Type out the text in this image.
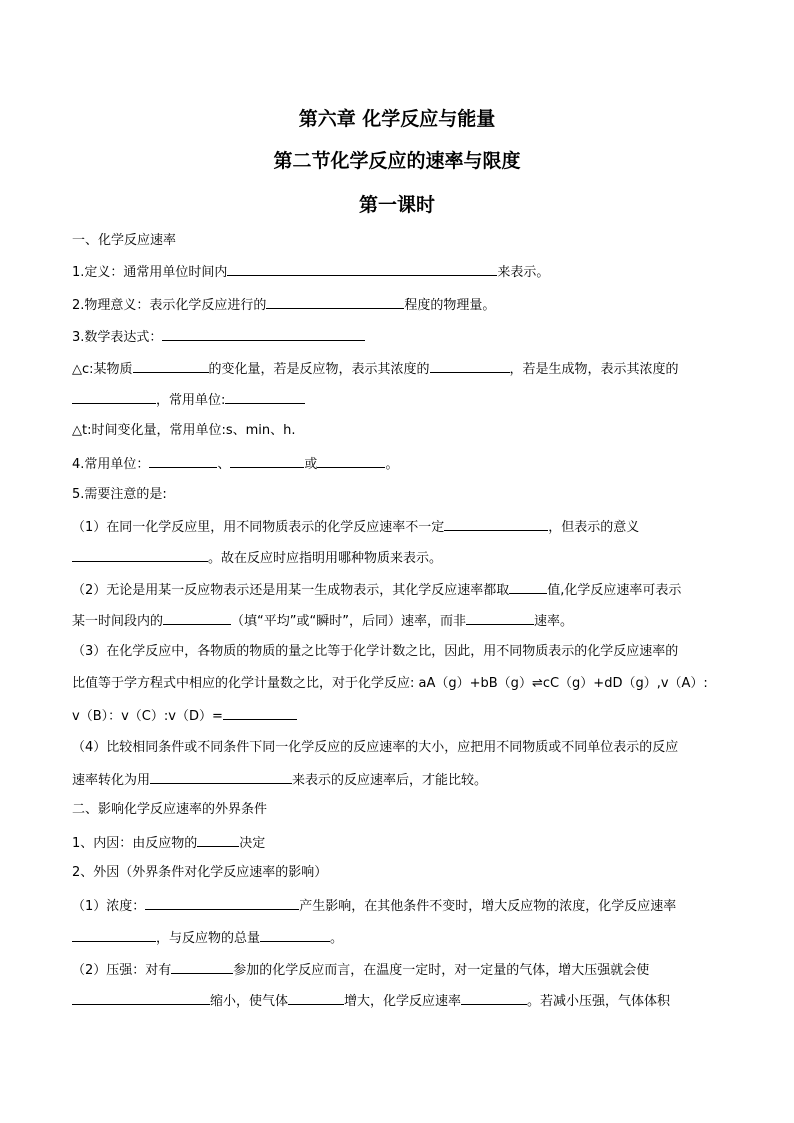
第六章 化学反应与能量
第二节化学反应的速率与限度
第一课时
一、化学反应速率
1.定义：通常用单位时间内	来表示。
2.物理意义：表示化学反应进行的	程度的物理量。
3.数学表达式：
△c:某物质	的变化量，若是反应物，表示其浓度的	，若是生成物，表示其浓度的
，常用单位:
△t:时间变化量，常用单位:s、min、h.
4.常用单位：	、	或	。
5.需要注意的是:
（1）在同一化学反应里，用不同物质表示的化学反应速率不一定	，但表示的意义
。故在反应时应指明用哪种物质来表示。
（2）无论是用某一反应物表示还是用某一生成物表示，其化学反应速率都取	值,化学反应速率可表示
某一时间段内的	（填“平均”或“瞬时”，后同）速率，而非	速率。
（3）在化学反应中，各物质的物质的量之比等于化学计数之比，因此，用不同物质表示的化学反应速率的
比值等于学方程式中相应的化学计量数之比，对于化学反应: aA（g）+bB（g）⇌cC（g）+dD（g）,v（A）:
v（B）：v（C）:v（D）=
（4）比较相同条件或不同条件下同一化学反应的反应速率的大小，应把用不同物质或不同单位表示的反应
速率转化为用	来表示的反应速率后，才能比较。
二、影响化学反应速率的外界条件
1、内因：由反应物的	决定
2、外因（外界条件对化学反应速率的影响）
（1）浓度：	产生影响，在其他条件不变时，增大反应物的浓度，化学反应速率
，与反应物的总量	。
（2）压强：对有	参加的化学反应而言，在温度一定时，对一定量的气体，增大压强就会使
缩小，使气体	增大，化学反应速率	。若减小压强，气体体积
